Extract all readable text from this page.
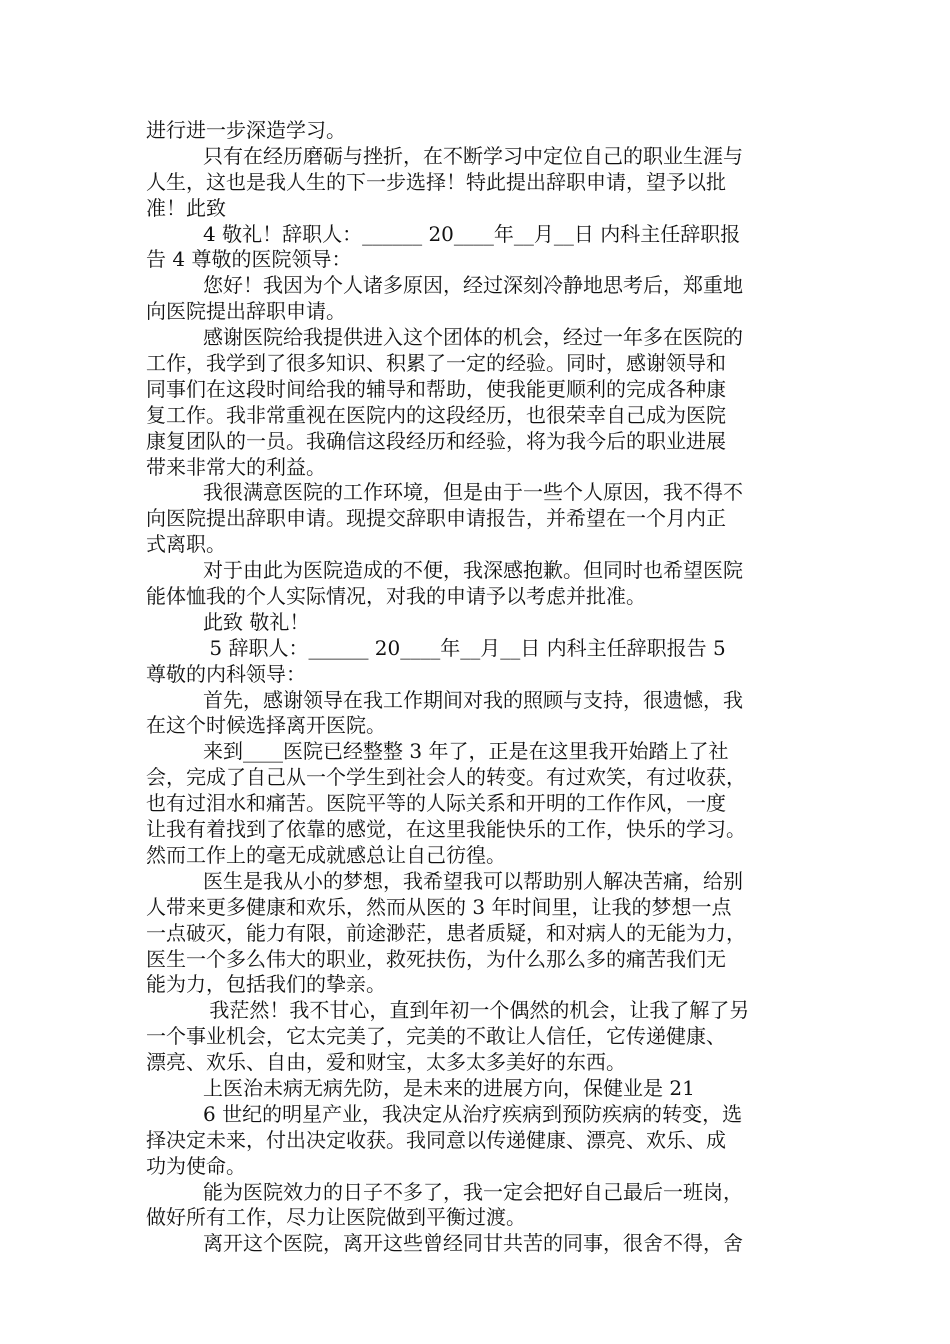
进行进一步深造学习。
只有在经历磨砺与挫折，在不断学习中定位自己的职业生涯与
人生，这也是我人生的下一步选择！特此提出辞职申请，望予以批
准！此致
4 敬礼！辞职人：______ 20____年__月__日 内科主任辞职报
告 4 尊敬的医院领导：
您好！我因为个人诸多原因，经过深刻冷静地思考后，郑重地
向医院提出辞职申请。
感谢医院给我提供进入这个团体的机会，经过一年多在医院的
工作，我学到了很多知识、积累了一定的经验。同时，感谢领导和
同事们在这段时间给我的辅导和帮助，使我能更顺利的完成各种康
复工作。我非常重视在医院内的这段经历，也很荣幸自己成为医院
康复团队的一员。我确信这段经历和经验，将为我今后的职业进展
带来非常大的利益。
我很满意医院的工作环境，但是由于一些个人原因，我不得不
向医院提出辞职申请。现提交辞职申请报告，并希望在一个月内正
式离职。
对于由此为医院造成的不便，我深感抱歉。但同时也希望医院
能体恤我的个人实际情况，对我的申请予以考虑并批准。
此致 敬礼！
5 辞职人：______ 20____年__月__日 内科主任辞职报告 5
尊敬的内科领导：
首先，感谢领导在我工作期间对我的照顾与支持，很遗憾，我
在这个时候选择离开医院。
来到____医院已经整整 3 年了，正是在这里我开始踏上了社
会，完成了自己从一个学生到社会人的转变。有过欢笑，有过收获，
也有过泪水和痛苦。医院平等的人际关系和开明的工作作风，一度
让我有着找到了依靠的感觉，在这里我能快乐的工作，快乐的学习。
然而工作上的毫无成就感总让自己彷徨。
医生是我从小的梦想，我希望我可以帮助别人解决苦痛，给别
人带来更多健康和欢乐，然而从医的 3 年时间里，让我的梦想一点
一点破灭，能力有限，前途渺茫，患者质疑，和对病人的无能为力，
医生一个多么伟大的职业，救死扶伤，为什么那么多的痛苦我们无
能为力，包括我们的挚亲。
我茫然！我不甘心，直到年初一个偶然的机会，让我了解了另
一个事业机会，它太完美了，完美的不敢让人信任，它传递健康、
漂亮、欢乐、自由，爱和财宝，太多太多美好的东西。
上医治未病无病先防，是未来的进展方向，保健业是 21
6 世纪的明星产业，我决定从治疗疾病到预防疾病的转变，选
择决定未来，付出决定收获。我同意以传递健康、漂亮、欢乐、成
功为使命。
能为医院效力的日子不多了，我一定会把好自己最后一班岗，
做好所有工作，尽力让医院做到平衡过渡。
离开这个医院，离开这些曾经同甘共苦的同事，很舍不得，舍
